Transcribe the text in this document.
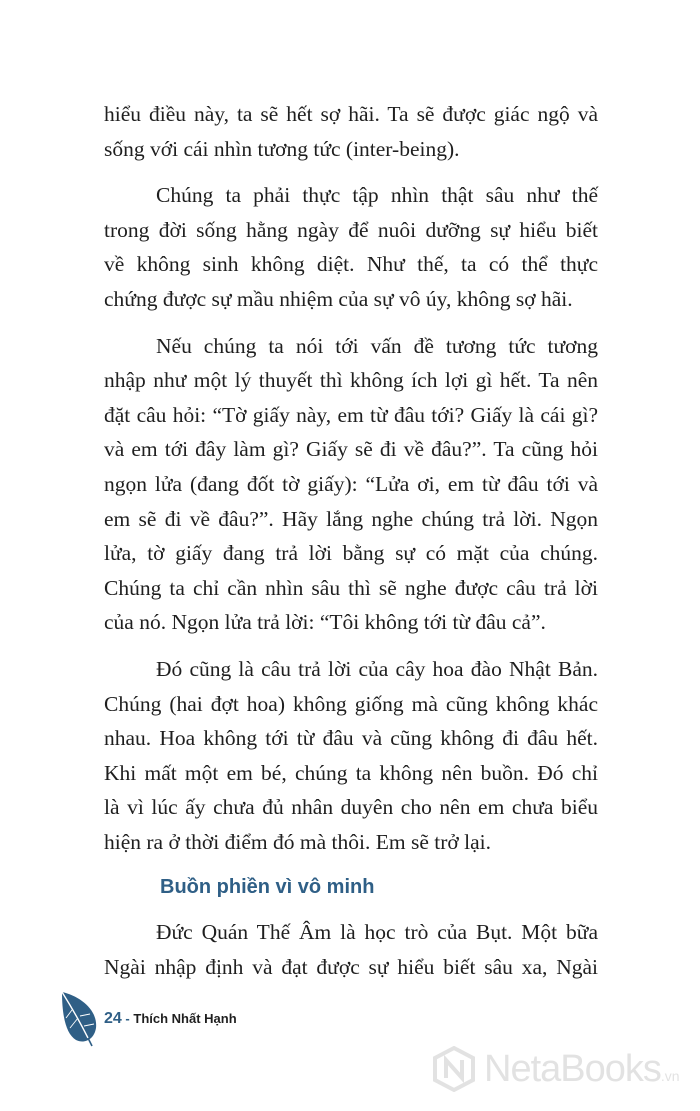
hiểu điều này, ta sẽ hết sợ hãi. Ta sẽ được giác ngộ và
sống với cái nhìn tương tức (inter-being).
Chúng ta phải thực tập nhìn thật sâu như thế
trong đời sống hằng ngày để nuôi dưỡng sự hiểu biết
về không sinh không diệt. Như thế, ta có thể thực
chứng được sự mầu nhiệm của sự vô úy, không sợ hãi.
Nếu chúng ta nói tới vấn đề tương tức tương
nhập như một lý thuyết thì không ích lợi gì hết. Ta nên
đặt câu hỏi: “Tờ giấy này, em từ đâu tới? Giấy là cái gì?
và em tới đây làm gì? Giấy sẽ đi về đâu?”. Ta cũng hỏi
ngọn lửa (đang đốt tờ giấy): “Lửa ơi, em từ đâu tới và
em sẽ đi về đâu?”. Hãy lắng nghe chúng trả lời. Ngọn
lửa, tờ giấy đang trả lời bằng sự có mặt của chúng.
Chúng ta chỉ cần nhìn sâu thì sẽ nghe được câu trả lời
của nó. Ngọn lửa trả lời: “Tôi không tới từ đâu cả”.
Đó cũng là câu trả lời của cây hoa đào Nhật Bản.
Chúng (hai đợt hoa) không giống mà cũng không khác
nhau. Hoa không tới từ đâu và cũng không đi đâu hết.
Khi mất một em bé, chúng ta không nên buồn. Đó chỉ
là vì lúc ấy chưa đủ nhân duyên cho nên em chưa biểu
hiện ra ở thời điểm đó mà thôi. Em sẽ trở lại.
Buồn phiền vì vô minh
Đức Quán Thế Âm là học trò của Bụt. Một bữa
Ngài nhập định và đạt được sự hiểu biết sâu xa, Ngài
24 - Thích Nhất Hạnh
NetaBooks.vn
